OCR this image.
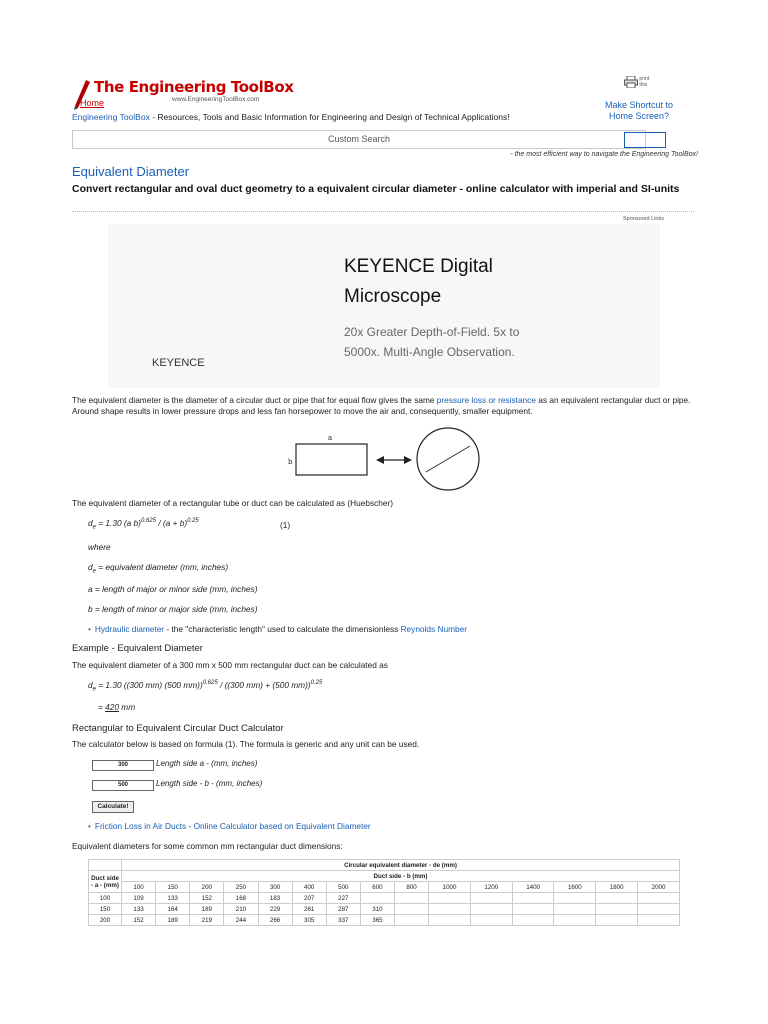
The Engineering ToolBox
Home	www.EngineeringToolBox.com
Engineering ToolBox - Resources, Tools and Basic Information for Engineering and Design of Technical Applications!
Custom Search
print
this
Make Shortcut to Home Screen?
- the most efficient way to navigate the Engineering ToolBox!
Equivalent Diameter
Convert rectangular and oval duct geometry to a equivalent circular diameter - online calculator with imperial and SI-units
Sponsored Links
KEYENCE
KEYENCE Digital Microscope
20x Greater Depth-of-Field. 5x to 5000x. Multi-Angle Observation.
The equivalent diameter is the diameter of a circular duct or pipe that for equal flow gives the same pressure loss or resistance as an equivalent rectangular duct or pipe. Around shape results in lower pressure drops and less fan horsepower to move the air and, consequently, smaller equipment.
a
b
The equivalent diameter of a rectangular tube or duct can be calculated as (Huebscher)
$d_e = 1.30$ (a $b)^{0.625} / (a + b)^{0.25}$	(1)
where
$d_e$ = equivalent diameter (mm, inches)
a = length of major or minor side (mm, inches)
b = length of minor or major side (mm, inches)
• Hydraulic diameter - the "characteristic length" used to calculate the dimensionless Reynolds Number
Example - Equivalent Diameter
The equivalent diameter of a 300 mm x 500 mm rectangular duct can be calculated as
$d_e = 1.30$ ((300 mm) (500 mm))$^{0.625}$ / ((300 mm) + (500 mm))$^{0.25}$
= 420 mm
Rectangular to Equivalent Circular Duct Calculator
The calculator below is based on formula (1). The formula is generic and any unit can be used.
300	Length side a - (mm, inches)
500	Length side - b - (mm, inches)
Calculate!
• Friction Loss in Air Ducts - Online Calculator based on Equivalent Diameter
Equivalent diameters for some common mm rectangular duct dimensions:
	Circular equivalent diameter - de (mm)														
Duct side - a - (mm)	Duct side - b (mm)														
	100	150	200	250	300	400	500	600	800	1000	1200	1400	1600	1800	2000
100	109	133	152	168	183	207	227								
150	133	164	189	210	229	261	287	310							
200	152	189	219	244	266	305	337	365							
